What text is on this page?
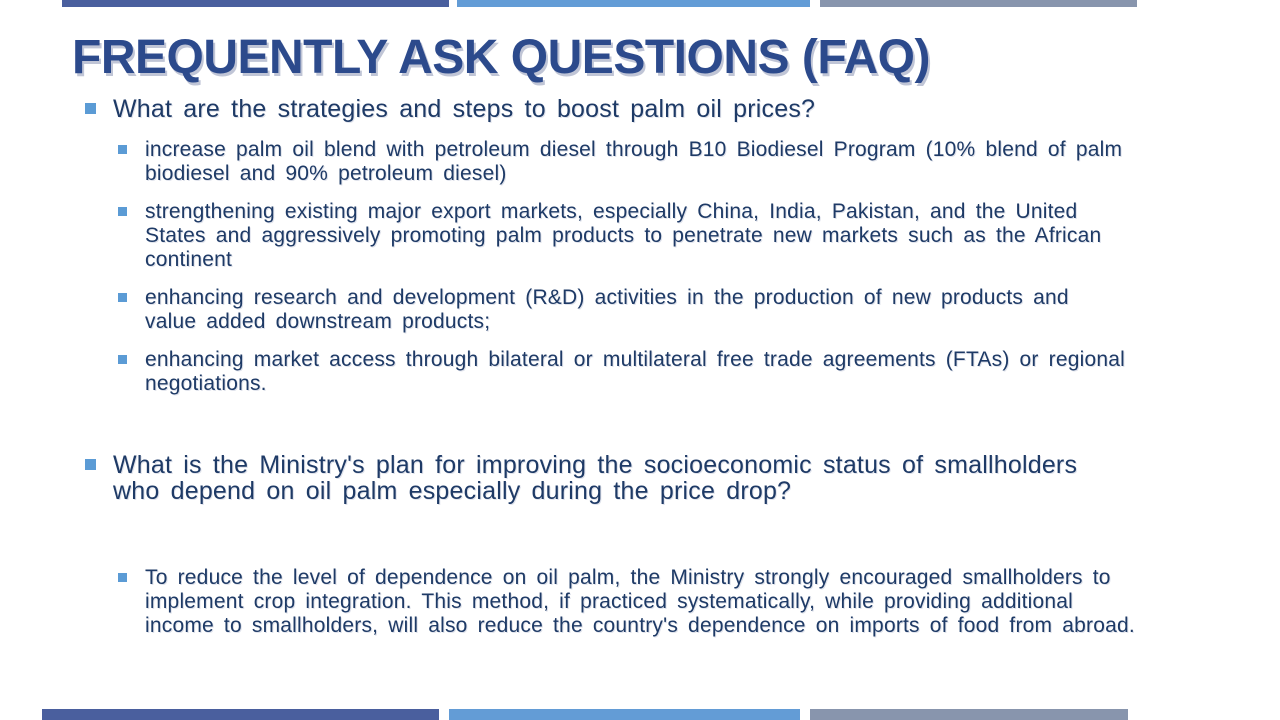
FREQUENTLY ASK QUESTIONS (FAQ)
What are the strategies and steps to boost palm oil prices?
increase palm oil blend with petroleum diesel through B10 Biodiesel Program (10% blend of palm biodiesel and 90% petroleum diesel)
strengthening existing major export markets, especially China, India, Pakistan, and the United States and aggressively promoting palm products to penetrate new markets such as the African continent
enhancing research and development (R&D) activities in the production of new products and value added downstream products;
enhancing market access through bilateral or multilateral free trade agreements (FTAs) or regional negotiations.
What is the Ministry's plan for improving the socioeconomic status of smallholders who depend on oil palm especially during the price drop?
To reduce the level of dependence on oil palm, the Ministry strongly encouraged smallholders to implement crop integration. This method, if practiced systematically, while providing additional income to smallholders, will also reduce the country's dependence on imports of food from abroad.
